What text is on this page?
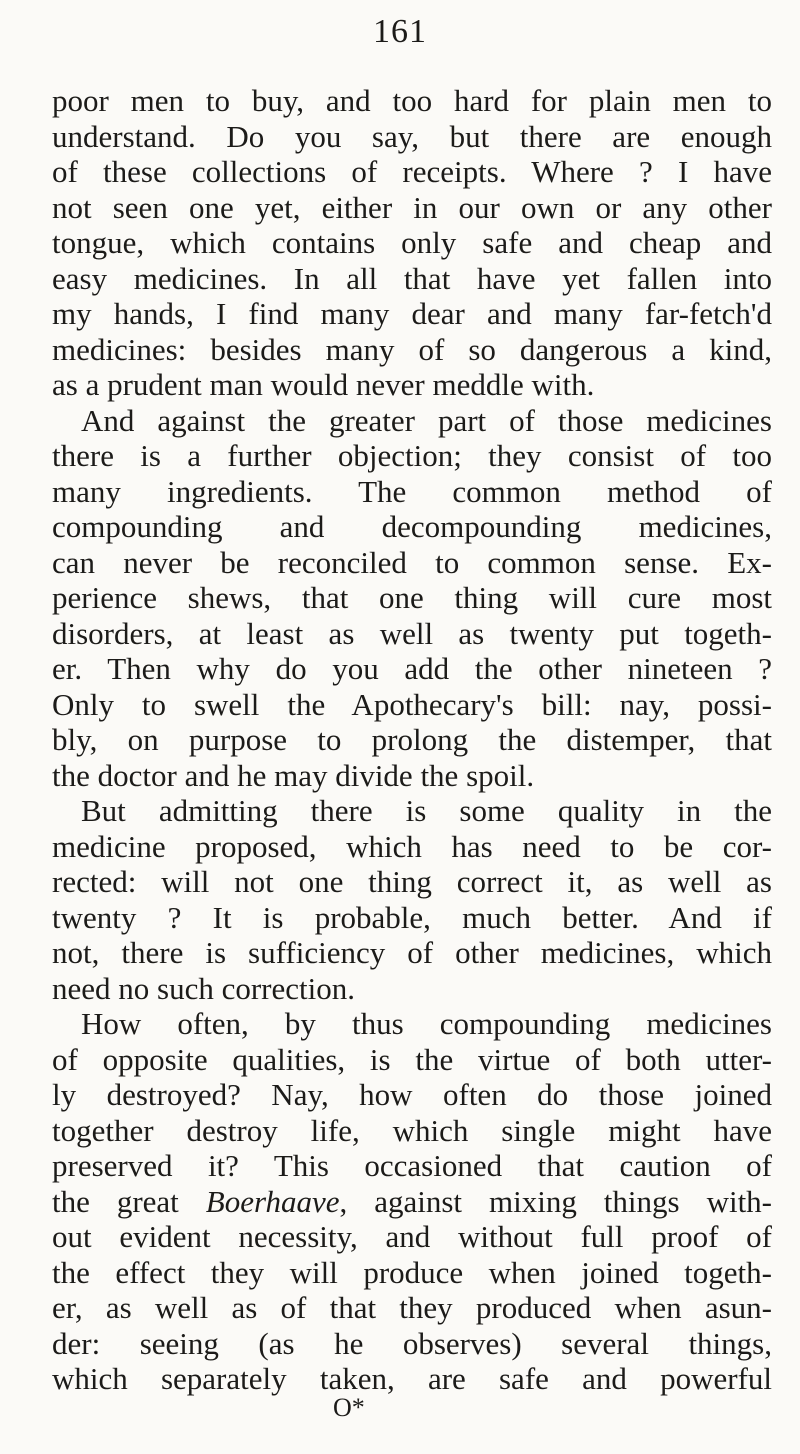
161
poor men to buy, and too hard for plain men to
understand. Do you say, but there are enough
of these collections of receipts. Where ? I have
not seen one yet, either in our own or any other
tongue, which contains only safe and cheap and
easy medicines. In all that have yet fallen into
my hands, I find many dear and many far-fetch'd
medicines: besides many of so dangerous a kind,
as a prudent man would never meddle with.
And against the greater part of those medicines
there is a further objection; they consist of too
many ingredients. The common method of
compounding and decompounding medicines,
can never be reconciled to common sense. Ex-
perience shews, that one thing will cure most
disorders, at least as well as twenty put togeth-
er. Then why do you add the other nineteen ?
Only to swell the Apothecary's bill: nay, possi-
bly, on purpose to prolong the distemper, that
the doctor and he may divide the spoil.
But admitting there is some quality in the
medicine proposed, which has need to be cor-
rected: will not one thing correct it, as well as
twenty ? It is probable, much better. And if
not, there is sufficiency of other medicines, which
need no such correction.
How often, by thus compounding medicines
of opposite qualities, is the virtue of both utter-
ly destroyed? Nay, how often do those joined
together destroy life, which single might have
preserved it? This occasioned that caution of
the great Boerhaave, against mixing things with-
out evident necessity, and without full proof of
the effect they will produce when joined togeth-
er, as well as of that they produced when asun-
der: seeing (as he observes) several things,
which separately taken, are safe and powerful
O*
